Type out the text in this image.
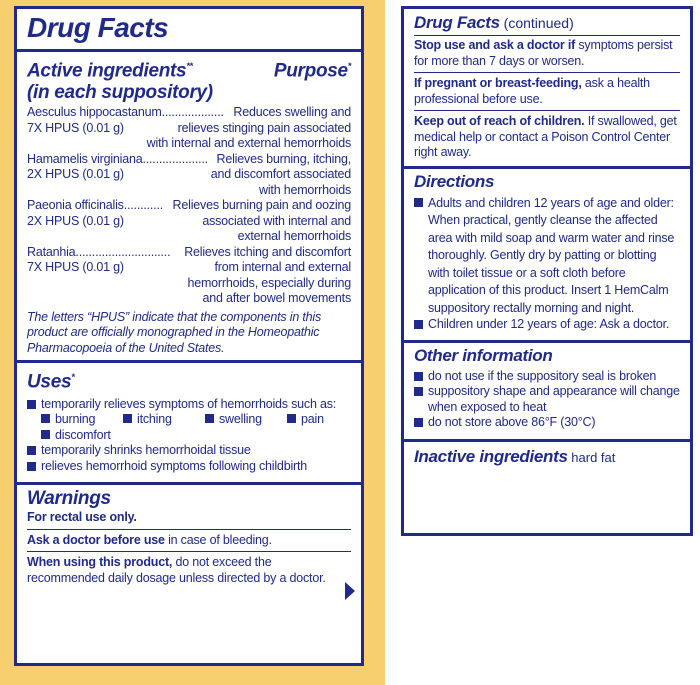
Drug Facts
Active ingredients**	Purpose*
(in each suppository)
Aesculus hippocastanum................... Reduces swelling and
7X HPUS (0.01 g)	relieves stinging pain associated
with internal and external hemorrhoids
Hamamelis virginiana.................... Relieves burning, itching,
2X HPUS (0.01 g)	and discomfort associated
with hemorrhoids
Paeonia officinalis............ Relieves burning pain and oozing
2X HPUS (0.01 g)	associated with internal and
external hemorrhoids
Ratanhia............................. Relieves itching and discomfort
7X HPUS (0.01 g)	from internal and external
hemorrhoids, especially during
and after bowel movements
The letters “HPUS” indicate that the components in this product are officially monographed in the Homeopathic Pharmacopoeia of the United States.
Uses*
temporarily relieves symptoms of hemorrhoids such as:
burning	itching	swelling	pain
discomfort
temporarily shrinks hemorrhoidal tissue
relieves hemorrhoid symptoms following childbirth
Warnings
For rectal use only.
Ask a doctor before use in case of bleeding.
When using this product, do not exceed the recommended daily dosage unless directed by a doctor.
Drug Facts (continued)
Stop use and ask a doctor if symptoms persist for more than 7 days or worsen.
If pregnant or breast-feeding, ask a health professional before use.
Keep out of reach of children. If swallowed, get medical help or contact a Poison Control Center right away.
Directions
Adults and children 12 years of age and older: When practical, gently cleanse the affected area with mild soap and warm water and rinse thoroughly. Gently dry by patting or blotting with toilet tissue or a soft cloth before application of this product. Insert 1 HemCalm suppository rectally morning and night.
Children under 12 years of age: Ask a doctor.
Other information
do not use if the suppository seal is broken
suppository shape and appearance will change when exposed to heat
do not store above 86°F (30°C)
Inactive ingredients hard fat
